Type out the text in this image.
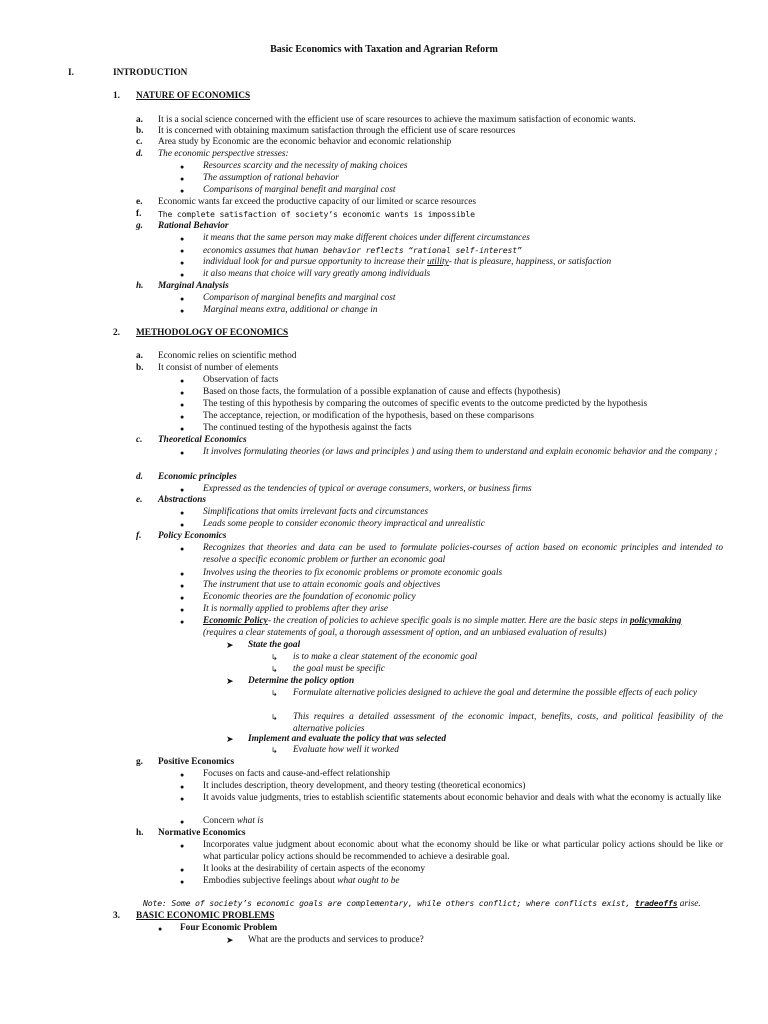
Basic Economics with Taxation and Agrarian Reform
I.	INTRODUCTION
1. NATURE OF ECONOMICS
a. It is a social science concerned with the efficient use of scare resources to achieve the maximum satisfaction of economic wants.
b. It is concerned with obtaining maximum satisfaction through the efficient use of scare resources
c. Area study by Economic are the economic behavior and economic relationship
d. The economic perspective stresses:
● Resources scarcity and the necessity of making choices
● The assumption of rational behavior
● Comparisons of marginal benefit and marginal cost
e. Economic wants far exceed the productive capacity of our limited or scarce resources
f. The complete satisfaction of society’s economic wants is impossible
g. Rational Behavior
● it means that the same person may make different choices under different circumstances
● economics assumes that human behavior reflects “rational self-interest”
● individual look for and pursue opportunity to increase their utility- that is pleasure, happiness, or satisfaction
● it also means that choice will vary greatly among individuals
h. Marginal Analysis
● Comparison of marginal benefits and marginal cost
● Marginal means extra, additional or change in
2. METHODOLOGY OF ECONOMICS
a. Economic relies on scientific method
b. It consist of number of elements
● Observation of facts
● Based on those facts, the formulation of a possible explanation of cause and effects (hypothesis)
● The testing of this hypothesis by comparing the outcomes of specific events to the outcome predicted by the hypothesis
● The acceptance, rejection, or modification of the hypothesis, based on these comparisons
● The continued testing of the hypothesis against the facts
c. Theoretical Economics
● It involves formulating theories (or laws and principles ) and using them to understand and explain economic behavior and the company ;
d. Economic principles
● Expressed as the tendencies of typical or average consumers, workers, or business firms
e. Abstractions
● Simplifications that omits irrelevant facts and circumstances
● Leads some people to consider economic theory impractical and unrealistic
f. Policy Economics
● Recognizes that theories and data can be used to formulate policies-courses of action based on economic principles and intended to resolve a specific economic problem or further an economic goal
● Involves using the theories to fix economic problems or promote economic goals
● The instrument that use to attain economic goals and objectives
● Economic theories are the foundation of economic policy
● It is normally applied to problems after they arise
● Economic Policy- the creation of policies to achieve specific goals is no simple matter. Here are the basic steps in policymaking
(requires a clear statements of goal, a thorough assessment of option, and an unbiased evaluation of results)
➤ State the goal
↳ is to make a clear statement of the economic goal
↳ the goal must be specific
➤ Determine the policy option
↳ Formulate alternative policies designed to achieve the goal and determine the possible effects of each policy
↳ This requires a detailed assessment of the economic impact, benefits, costs, and political feasibility of the alternative policies
➤ Implement and evaluate the policy that was selected
↳ Evaluate how well it worked
g. Positive Economics
● Focuses on facts and cause-and-effect relationship
● It includes description, theory development, and theory testing (theoretical economics)
● It avoids value judgments, tries to establish scientific statements about economic behavior and deals with what the economy is actually like
● Concern what is
h. Normative Economics
● Incorporates value judgment about economic about what the economy should be like or what particular policy actions should be like or what particular policy actions should be recommended to achieve a desirable goal.
● It looks at the desirability of certain aspects of the economy
● Embodies subjective feelings about what ought to be
Note: Some of society’s economic goals are complementary, while others conflict; where conflicts exist, tradeoffs arise.
3. BASIC ECONOMIC PROBLEMS
● Four Economic Problem
➤ What are the products and services to produce?
